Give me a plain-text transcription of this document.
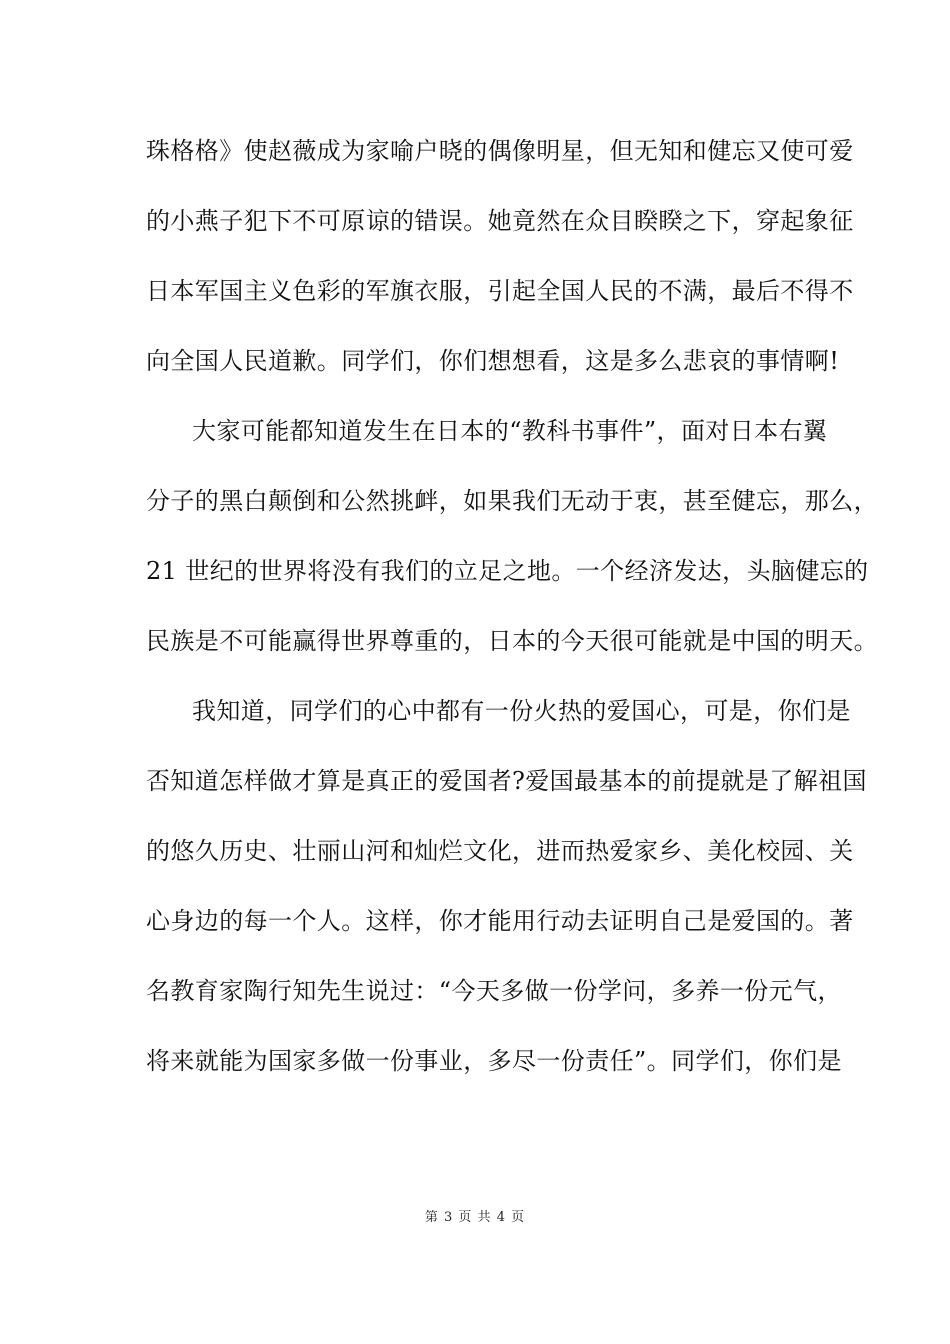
珠格格》使赵薇成为家喻户晓的偶像明星，但无知和健忘又使可爱
的小燕子犯下不可原谅的错误。她竟然在众目睽睽之下，穿起象征
日本军国主义色彩的军旗衣服，引起全国人民的不满，最后不得不
向全国人民道歉。同学们，你们想想看，这是多么悲哀的事情啊!
大家可能都知道发生在日本的“教科书事件”，面对日本右翼
分子的黑白颠倒和公然挑衅，如果我们无动于衷，甚至健忘，那么，
21 世纪的世界将没有我们的立足之地。一个经济发达，头脑健忘的
民族是不可能赢得世界尊重的，日本的今天很可能就是中国的明天。
我知道，同学们的心中都有一份火热的爱国心，可是，你们是
否知道怎样做才算是真正的爱国者?爱国最基本的前提就是了解祖国
的悠久历史、壮丽山河和灿烂文化，进而热爱家乡、美化校园、关
心身边的每一个人。这样，你才能用行动去证明自己是爱国的。著
名教育家陶行知先生说过：“今天多做一份学问，多养一份元气，
将来就能为国家多做一份事业，多尽一份责任”。同学们，你们是
第 3 页 共 4 页
